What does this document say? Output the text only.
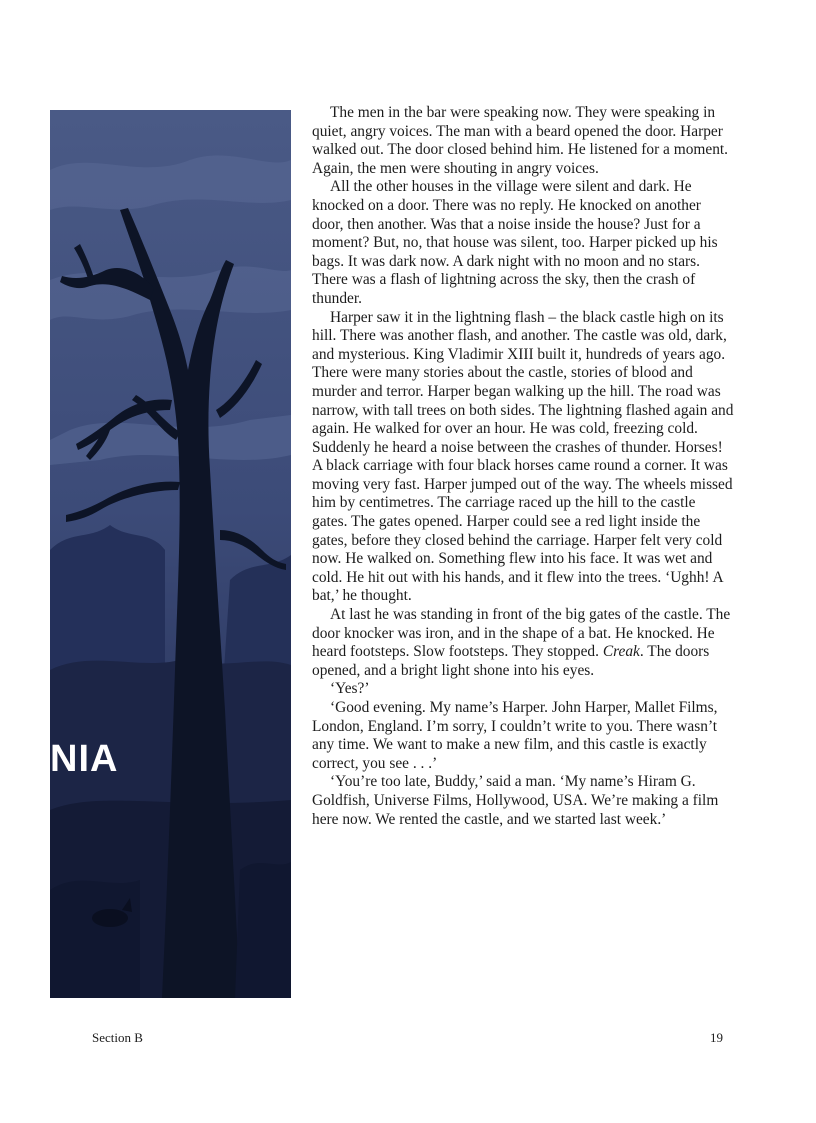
NIA

The men in the bar were speaking now. They were speaking in quiet, angry voices. The man with a beard opened the door. Harper walked out. The door closed behind him. He listened for a moment. Again, the men were shouting in angry voices.

All the other houses in the village were silent and dark. He knocked on a door. There was no reply. He knocked on another door, then another. Was that a noise inside the house? Just for a moment? But, no, that house was silent, too. Harper picked up his bags. It was dark now. A dark night with no moon and no stars. There was a flash of lightning across the sky, then the crash of thunder.

Harper saw it in the lightning flash – the black castle high on its hill. There was another flash, and another. The castle was old, dark, and mysterious. King Vladimir XIII built it, hundreds of years ago. There were many stories about the castle, stories of blood and murder and terror. Harper began walking up the hill. The road was narrow, with tall trees on both sides. The lightning flashed again and again. He walked for over an hour. He was cold, freezing cold. Suddenly he heard a noise between the crashes of thunder. Horses! A black carriage with four black horses came round a corner. It was moving very fast. Harper jumped out of the way. The wheels missed him by centimetres. The carriage raced up the hill to the castle gates. The gates opened. Harper could see a red light inside the gates, before they closed behind the carriage. Harper felt very cold now. He walked on. Something flew into his face. It was wet and cold. He hit out with his hands, and it flew into the trees. ‘Ughh! A bat,’ he thought.

At last he was standing in front of the big gates of the castle. The door knocker was iron, and in the shape of a bat. He knocked. He heard footsteps. Slow footsteps. They stopped. Creak. The doors opened, and a bright light shone into his eyes.

‘Yes?’

‘Good evening. My name’s Harper. John Harper, Mallet Films, London, England. I’m sorry, I couldn’t write to you. There wasn’t any time. We want to make a new film, and this castle is exactly correct, you see . . .’

‘You’re too late, Buddy,’ said a man. ‘My name’s Hiram G. Goldfish, Universe Films, Hollywood, USA. We’re making a film here now. We rented the castle, and we started last week.’

Section B	19
